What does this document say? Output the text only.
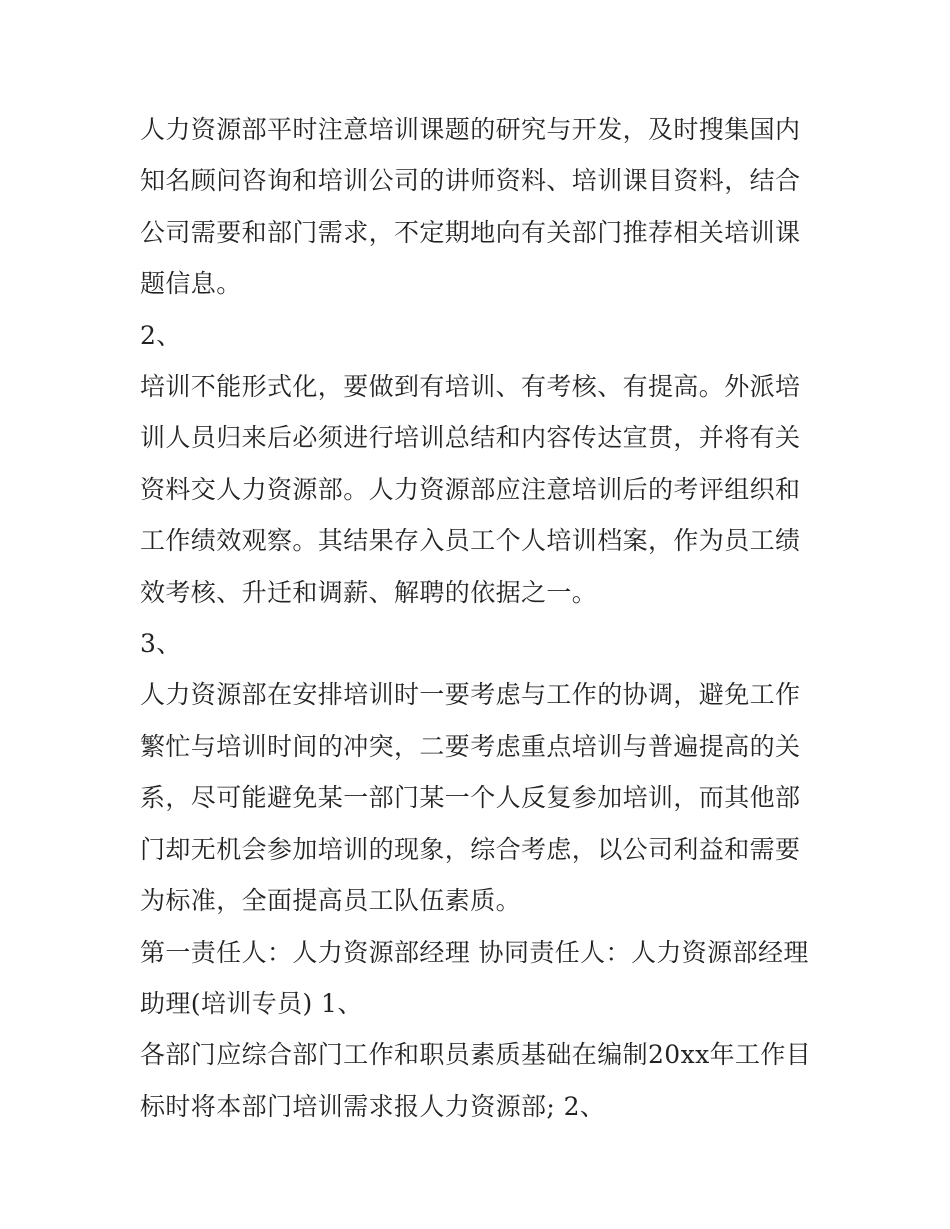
人力资源部平时注意培训课题的研究与开发，及时搜集国内知名顾问咨询和培训公司的讲师资料、培训课目资料，结合公司需要和部门需求，不定期地向有关部门推荐相关培训课题信息。

2、

培训不能形式化，要做到有培训、有考核、有提高。外派培训人员归来后必须进行培训总结和内容传达宣贯，并将有关资料交人力资源部。人力资源部应注意培训后的考评组织和工作绩效观察。其结果存入员工个人培训档案，作为员工绩效考核、升迁和调薪、解聘的依据之一。

3、

人力资源部在安排培训时一要考虑与工作的协调，避免工作繁忙与培训时间的冲突，二要考虑重点培训与普遍提高的关系，尽可能避免某一部门某一个人反复参加培训，而其他部门却无机会参加培训的现象，综合考虑，以公司利益和需要为标准，全面提高员工队伍素质。

第一责任人：人力资源部经理 协同责任人：人力资源部经理助理(培训专员) 1、

各部门应综合部门工作和职员素质基础在编制20xx年工作目标时将本部门培训需求报人力资源部; 2、
